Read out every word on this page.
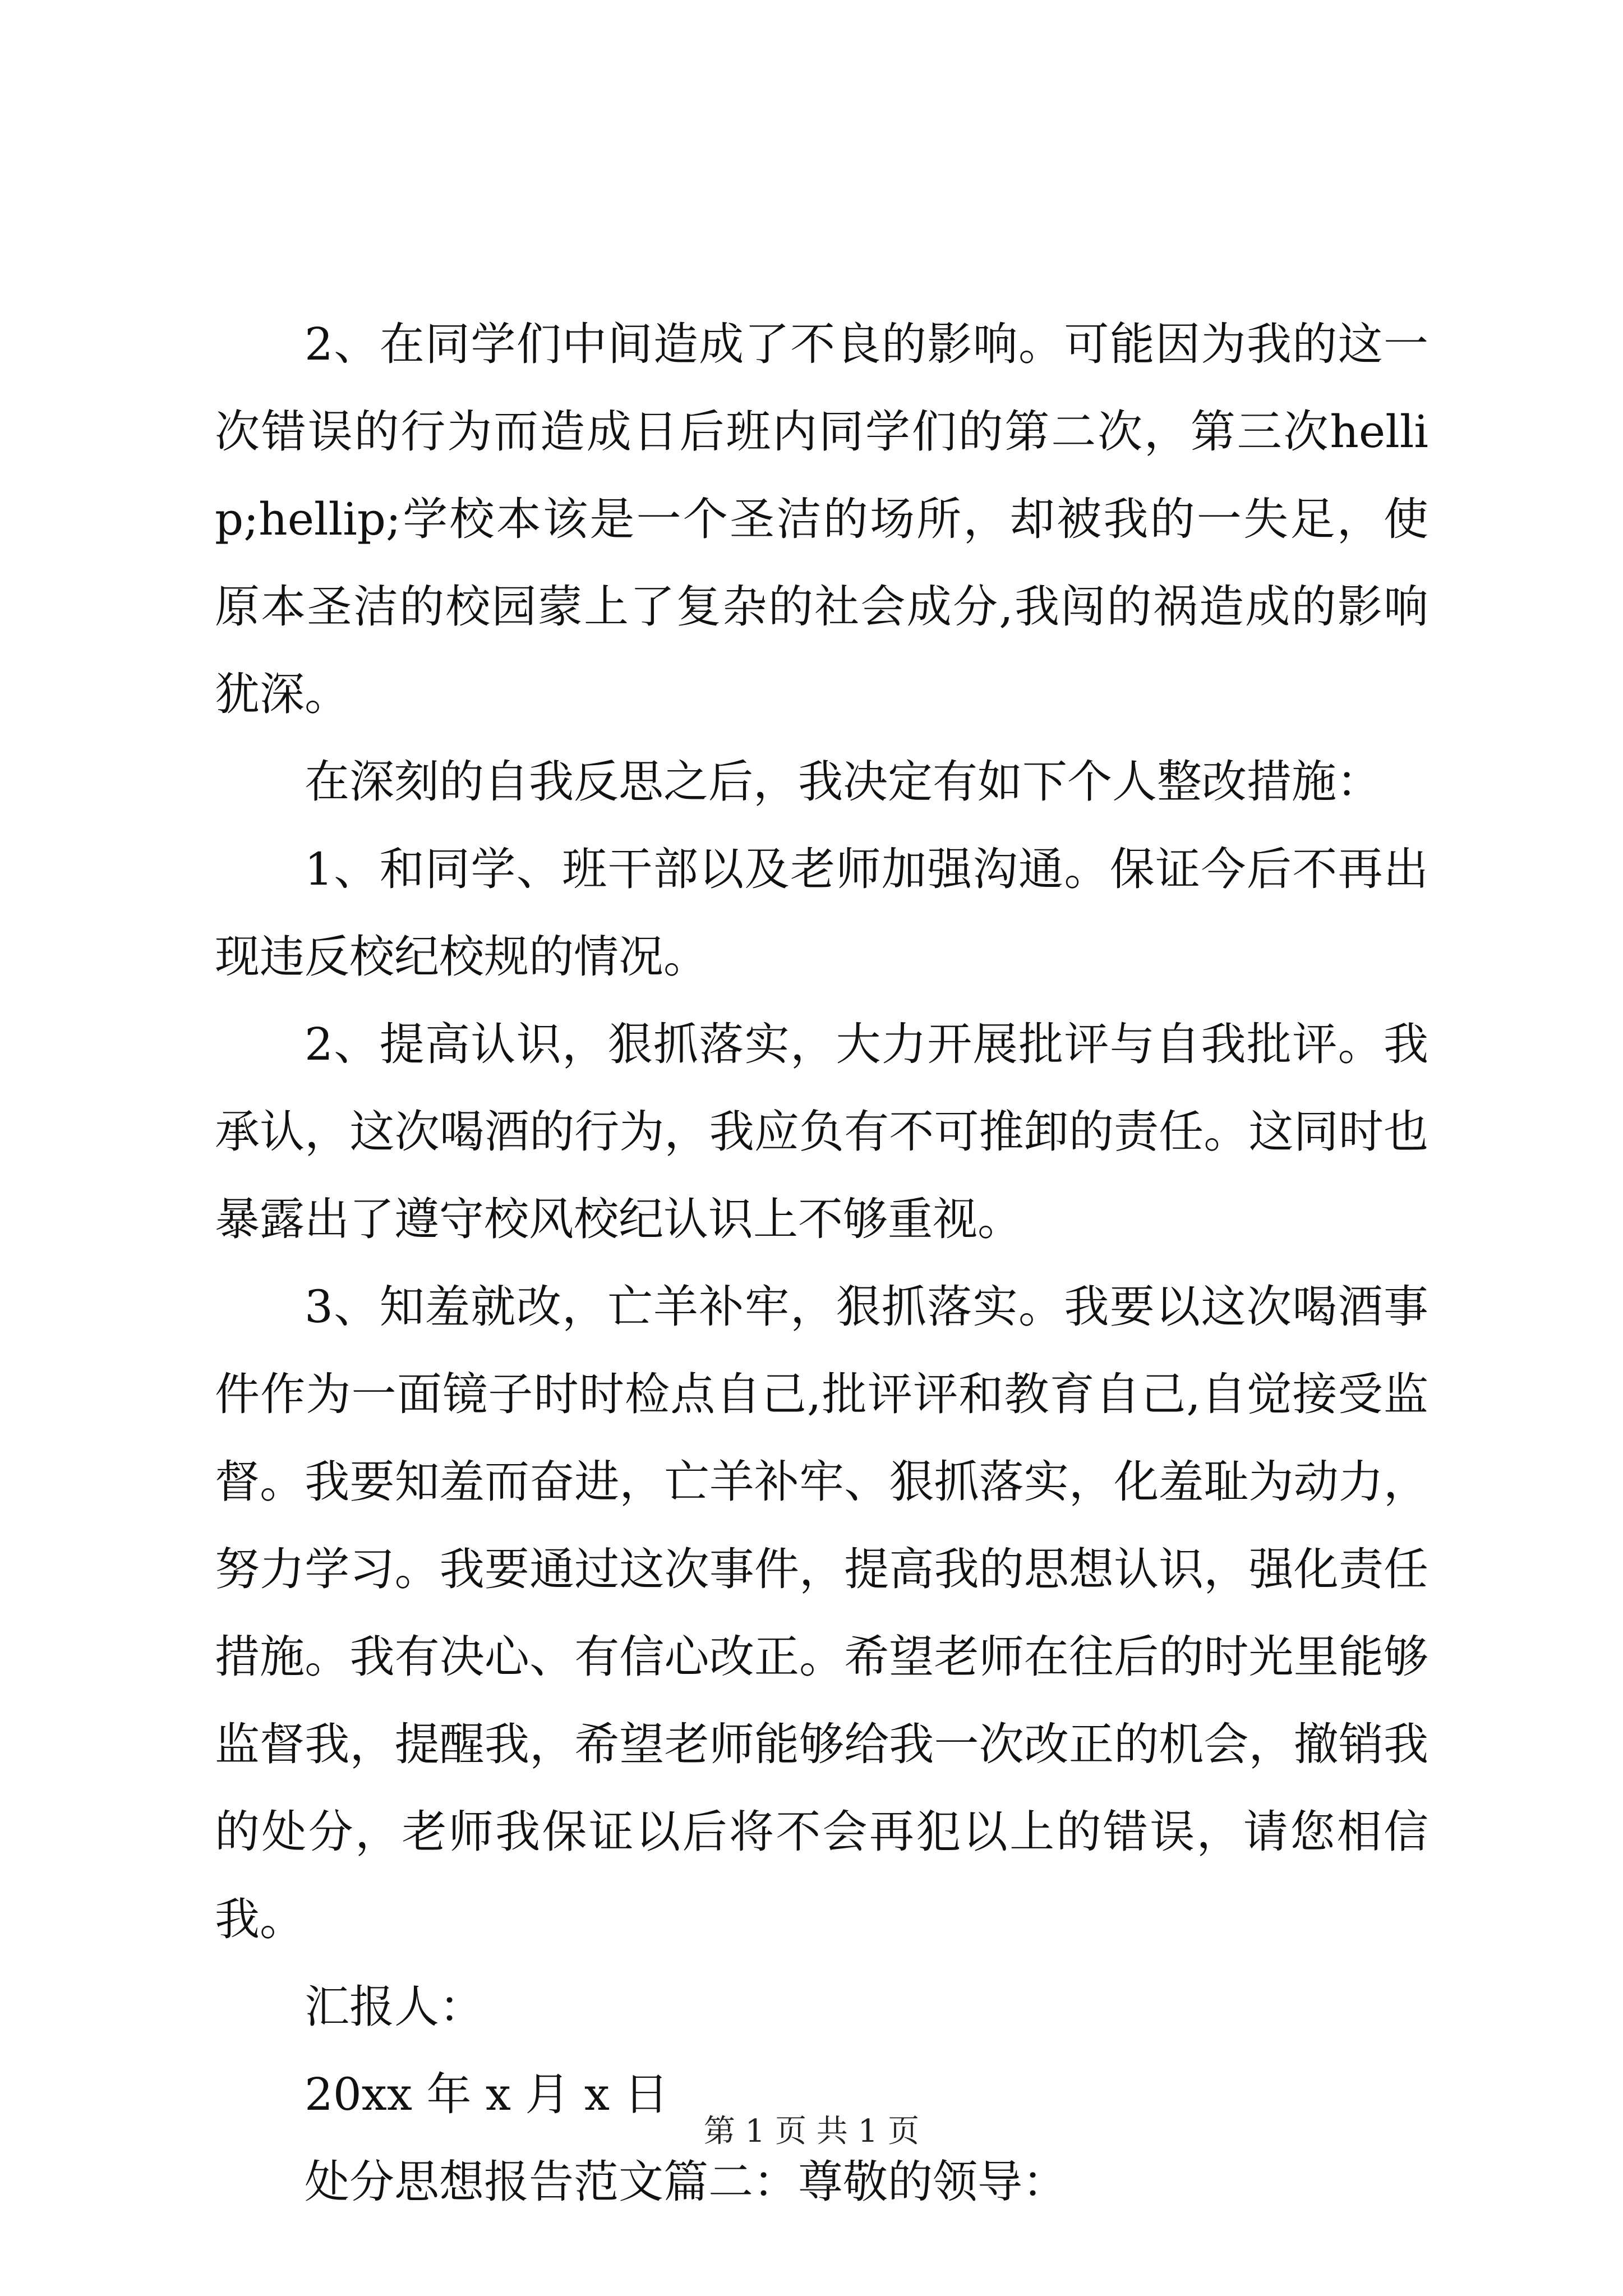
2、在同学们中间造成了不良的影响。可能因为我的这一次错误的行为而造成日后班内同学们的第二次，第三次hellip;hellip;学校本该是一个圣洁的场所，却被我的一失足，使原本圣洁的校园蒙上了复杂的社会成分,我闯的祸造成的影响犹深。

在深刻的自我反思之后，我决定有如下个人整改措施：

1、和同学、班干部以及老师加强沟通。保证今后不再出现违反校纪校规的情况。

2、提高认识，狠抓落实，大力开展批评与自我批评。我承认，这次喝酒的行为，我应负有不可推卸的责任。这同时也暴露出了遵守校风校纪认识上不够重视。

3、知羞就改，亡羊补牢，狠抓落实。我要以这次喝酒事件作为一面镜子时时检点自己,批评评和教育自己,自觉接受监督。我要知羞而奋进，亡羊补牢、狠抓落实，化羞耻为动力，努力学习。我要通过这次事件，提高我的思想认识，强化责任措施。我有决心、有信心改正。希望老师在往后的时光里能够监督我，提醒我，希望老师能够给我一次改正的机会，撤销我的处分，老师我保证以后将不会再犯以上的错误，请您相信我。

汇报人：

20xx 年 x 月 x 日

处分思想报告范文篇二：尊敬的领导：

第 1 页 共 1 页
